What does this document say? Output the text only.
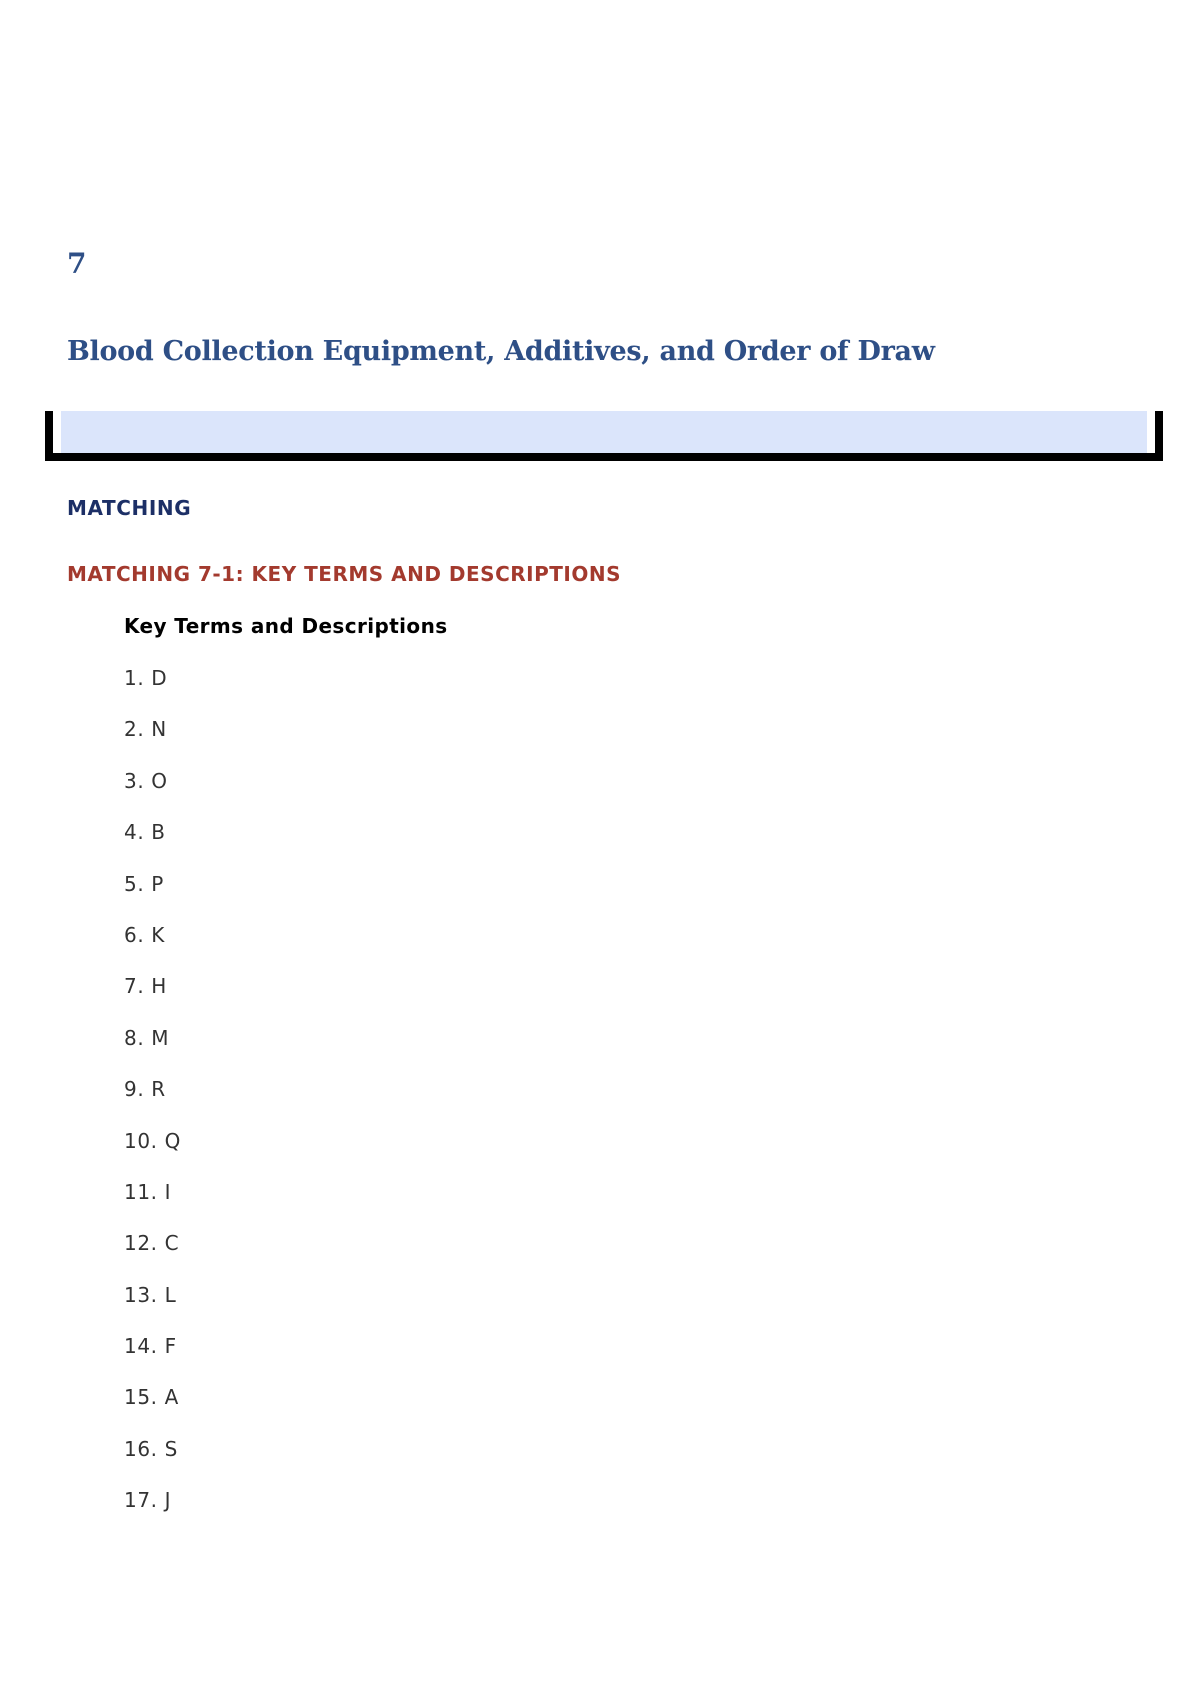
7
Blood Collection Equipment, Additives, and Order of Draw
MATCHING
MATCHING 7-1: KEY TERMS AND DESCRIPTIONS

Key Terms and Descriptions

1. D
2. N
3. O
4. B
5. P
6. K
7. H
8. M
9. R
10. Q
11. I
12. C
13. L
14. F
15. A
16. S
17. J
